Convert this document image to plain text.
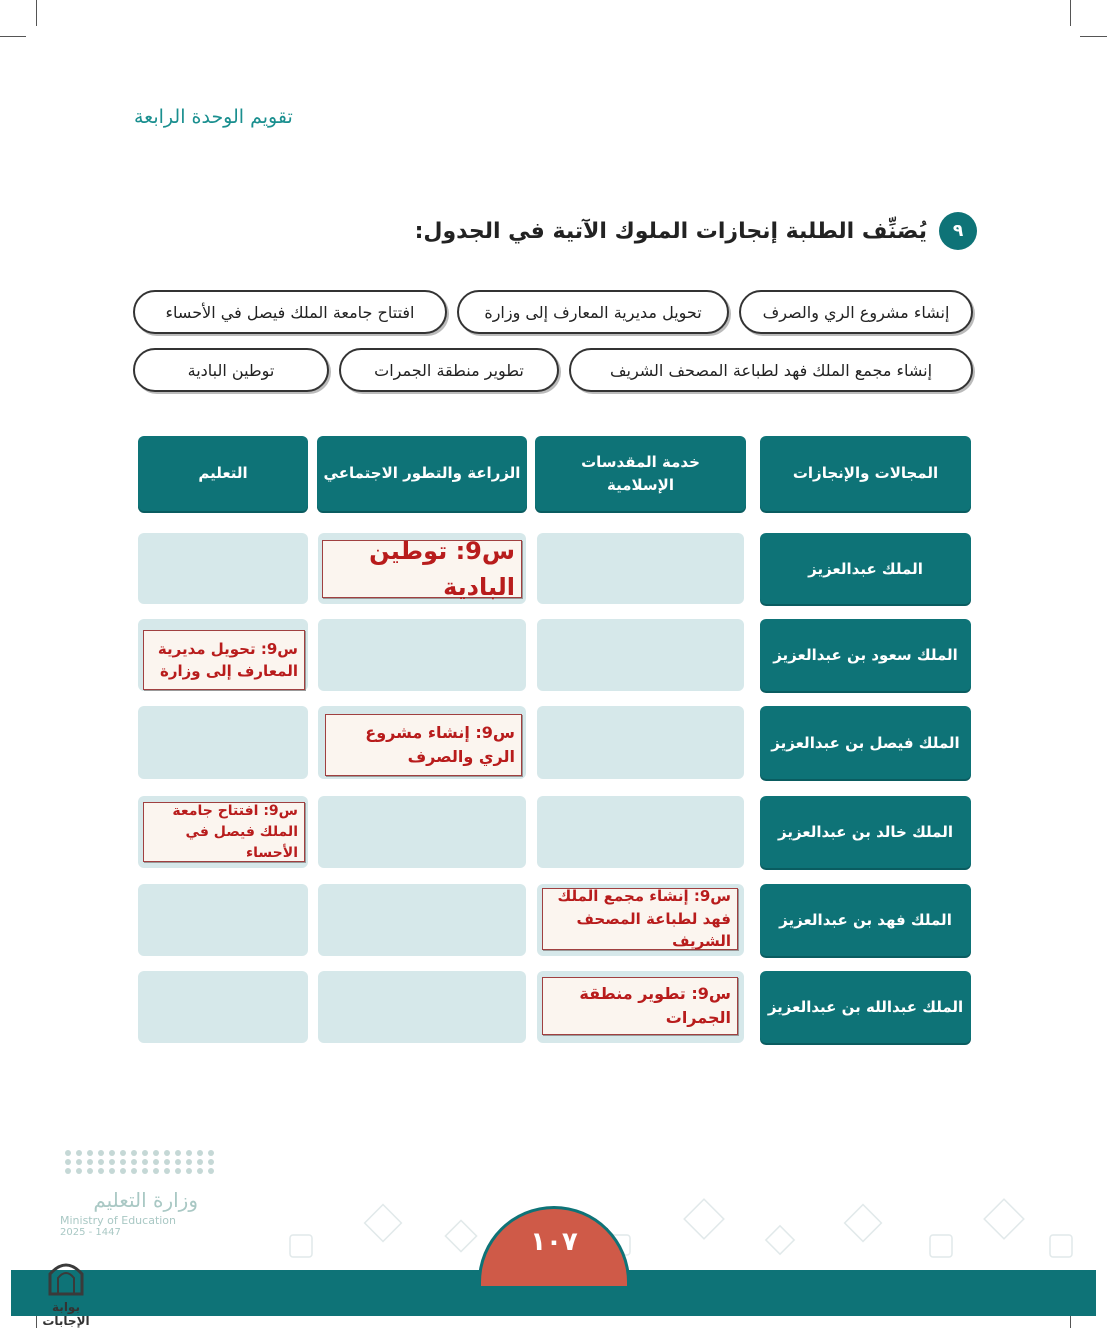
تقويم الوحدة الرابعة
٩
يُصَنِّف الطلبة إنجازات الملوك الآتية في الجدول:
إنشاء مشروع الري والصرف
تحويل مديرية المعارف إلى وزارة
افتتاح جامعة الملك فيصل في الأحساء
إنشاء مجمع الملك فهد لطباعة المصحف الشريف
تطوير منطقة الجمرات
توطين البادية
المجالات والإنجازات
خدمة المقدسات الإسلامية
الزراعة والتطور الاجتماعي
التعليم
الملك عبدالعزيز
س9: توطين البادية
الملك سعود بن عبدالعزيز
س9: تحويل مديرية المعارف إلى وزارة
الملك فيصل بن عبدالعزيز
س9: إنشاء مشروع الري والصرف
الملك خالد بن عبدالعزيز
س9: افتتاح جامعة الملك فيصل في الأحساء
الملك فهد بن عبدالعزيز
س9: إنشاء مجمع الملك فهد لطباعة المصحف الشريف
الملك عبدالله بن عبدالعزيز
س9: تطوير منطقة الجمرات
وزارة التعليم
Ministry of Education
2025 - 1447	١٠٧
بوابة الإجابات
